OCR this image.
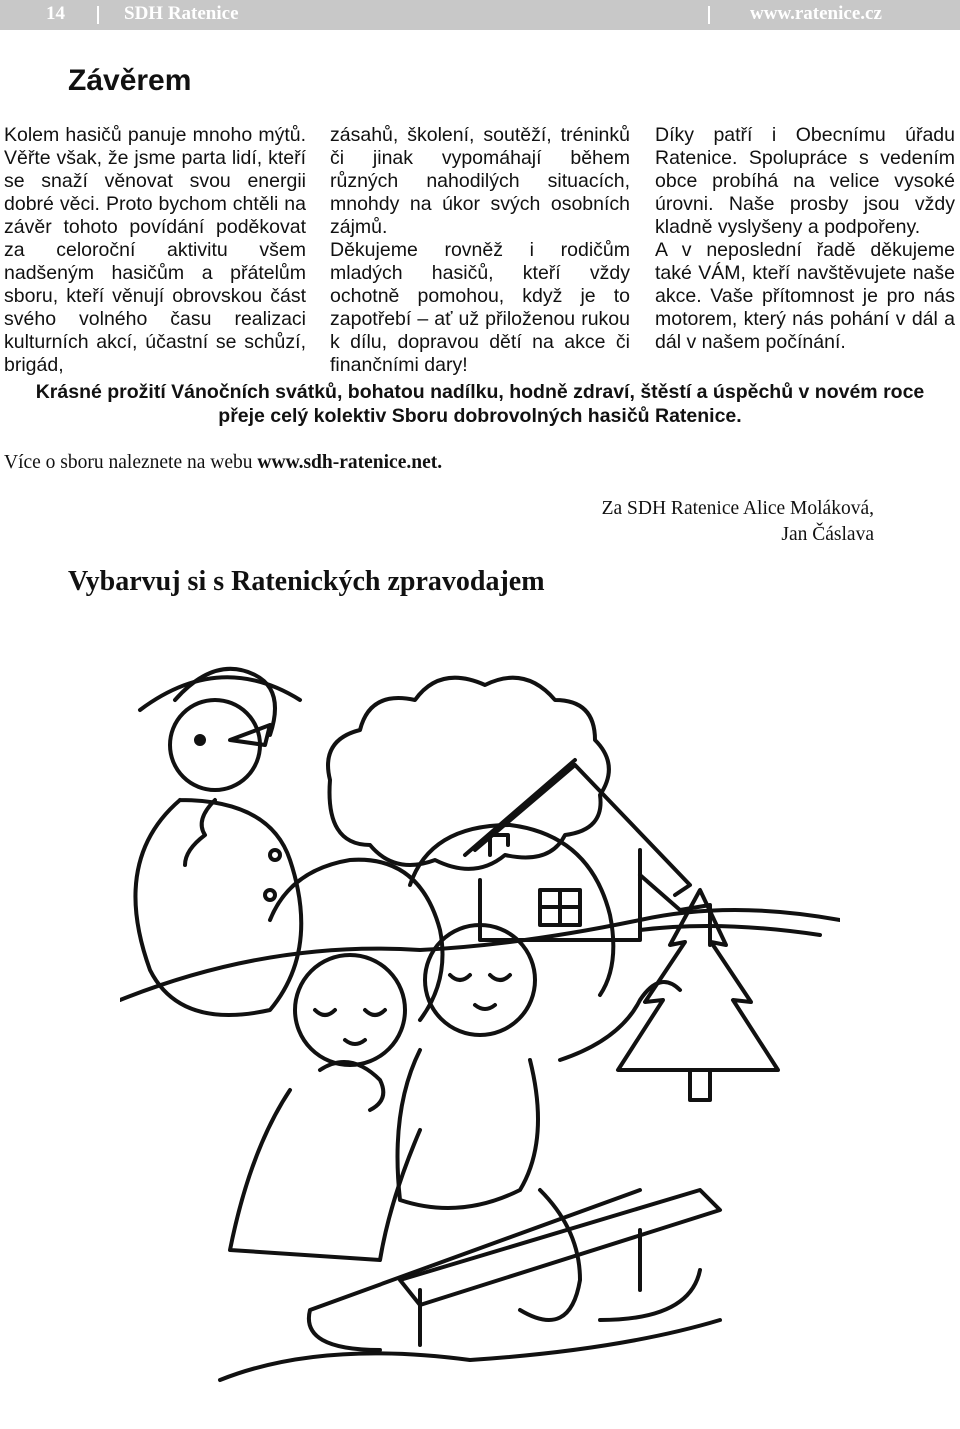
14	SDH Ratenice	www.ratenice.cz
Závěrem

Kolem hasičů panuje mnoho mýtů. Věřte však, že jsme parta lidí, kteří se snaží věnovat svou energii dobré věci. Proto bychom chtěli na závěr tohoto povídání poděkovat za celoroční aktivitu všem nadšeným hasičům a přátelům sboru, kteří věnují obrovskou část svého volného času realizaci kulturních akcí, účastní se schůzí, brigád,

zásahů, školení, soutěží, tréninků či jinak vypomáhají během různých nahodilých situacích, mnohdy na úkor svých osobních zájmů.

Děkujeme rovněž i rodičům mladých hasičů, kteří vždy ochotně pomohou, když je to zapotřebí – ať už přiloženou rukou k dílu, dopravou dětí na akce či finančními dary!

Díky patří i Obecnímu úřadu Ratenice. Spolupráce s vedením obce probíhá na velice vysoké úrovni. Naše prosby jsou vždy kladně vyslyšeny a podpořeny.

A v neposlední řadě děkujeme také VÁM, kteří navštěvujete naše akce. Vaše přítomnost je pro nás motorem, který nás pohání v dál a dál v našem počínání.

Krásné prožití Vánočních svátků, bohatou nadílku, hodně zdraví, štěstí a úspěchů v novém roce přeje celý kolektiv Sboru dobrovolných hasičů Ratenice.
Více o sboru naleznete na webu www.sdh-ratenice.net.
Za SDH Ratenice Alice Moláková,
Jan Čáslava
Vybarvuj si s Ratenických zpravodajem
